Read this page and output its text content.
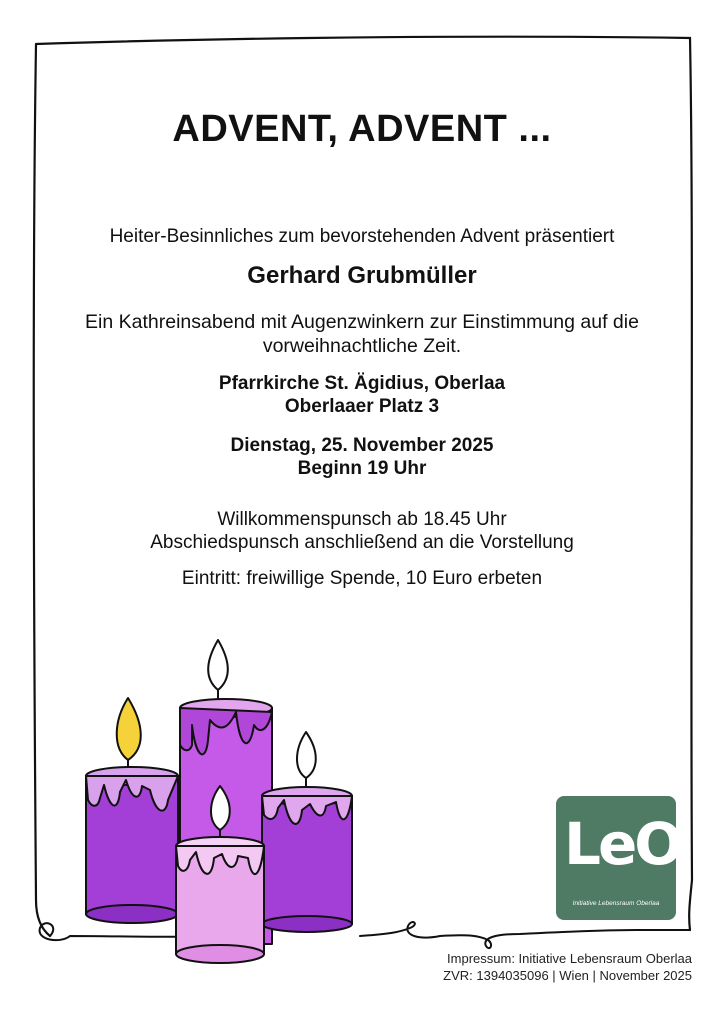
ADVENT, ADVENT ...

Heiter-Besinnliches zum bevorstehenden Advent präsentiert

Gerhard Grubmüller

Ein Kathreinsabend mit Augenzwinkern zur Einstimmung auf die
vorweihnachtliche Zeit.

Pfarrkirche St. Ägidius, Oberlaa
Oberlaaer Platz 3

Dienstag, 25. November 2025
Beginn 19 Uhr

Willkommenspunsch ab 18.45 Uhr
Abschiedspunsch anschließend an die Vorstellung

Eintritt: freiwillige Spende, 10 Euro erbeten

LeO
Initiative Lebensraum Oberlaa
Impressum: Initiative Lebensraum Oberlaa
ZVR: 1394035096 | Wien | November 2025
